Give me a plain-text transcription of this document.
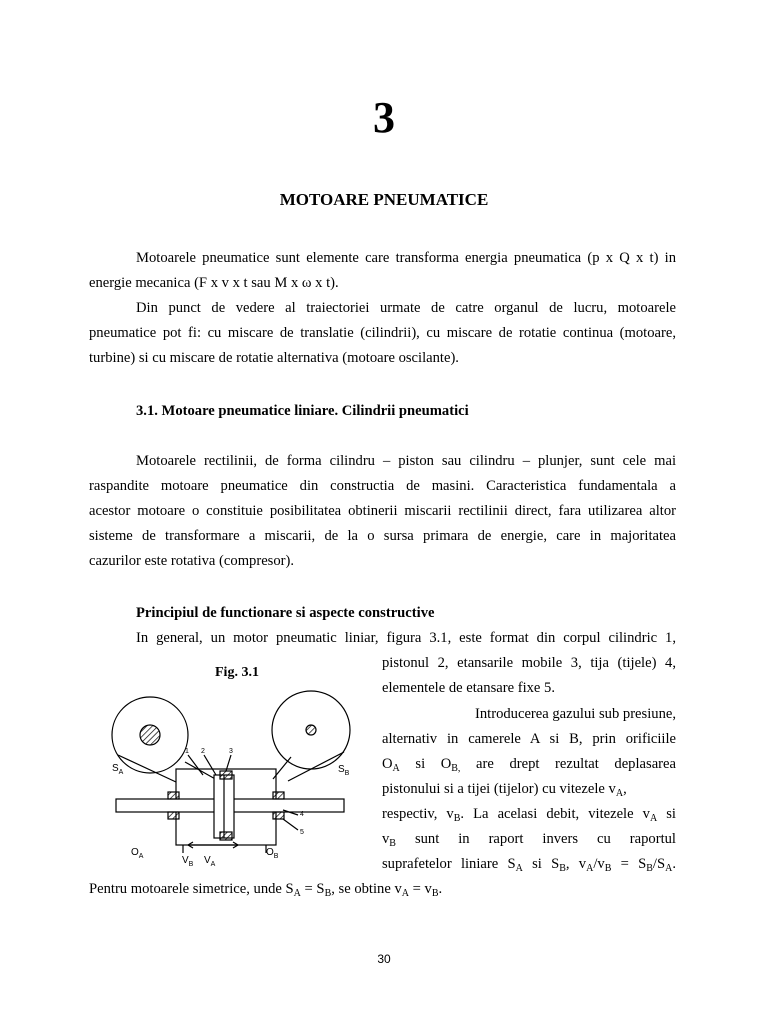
3
MOTOARE PNEUMATICE
Motoarele pneumatice sunt elemente care transforma energia pneumatica (p x Q x t) in
energie mecanica (F x v x t sau M x ω x t).
Din punct de vedere al traiectoriei urmate de catre organul de lucru, motoarele
pneumatice pot fi: cu miscare de translatie (cilindrii), cu miscare de rotatie continua (motoare,
turbine) si cu miscare de rotatie alternativa (motoare oscilante).
3.1. Motoare pneumatice liniare. Cilindrii pneumatici
Motoarele rectilinii, de forma cilindru – piston sau cilindru – plunjer, sunt cele mai
raspandite motoare pneumatice din constructia de masini. Caracteristica fundamentala a
acestor motoare o constituie posibilitatea obtinerii miscarii rectilinii direct, fara utilizarea altor
sisteme de transformare a miscarii, de la o sursa primara de energie, care in majoritatea
cazurilor este rotativa (compresor).
Principiul de functionare si aspecte constructive
In general, un motor pneumatic liniar, figura 3.1, este format din corpul cilindric 1,
pistonul 2, etansarile mobile 3, tija (tijele) 4,
elementele de etansare fixe 5.
Introducerea gazului sub presiune,
alternativ in camerele A si B, prin orificiile
$O_A$ si $O_{B,}$ are drept rezultat deplasarea
pistonului si a tijei (tijelor) cu vitezele $v_A$,
respectiv, $v_B$. La acelasi debit, vitezele $v_A$ si
$v_B$ sunt in raport invers cu raportul
suprafetelor liniare $S_A$ si $S_B$, $v_A/v_B = S_B/S_A$.
Pentru motoarele simetrice, unde $S_A = S_B$, se obtine $v_A = v_B$.
Fig. 3.1
$S_A$	$S_B$
1 2	3
4
5
$O_A$	$O_B$
$V_B$ $V_A$
30
